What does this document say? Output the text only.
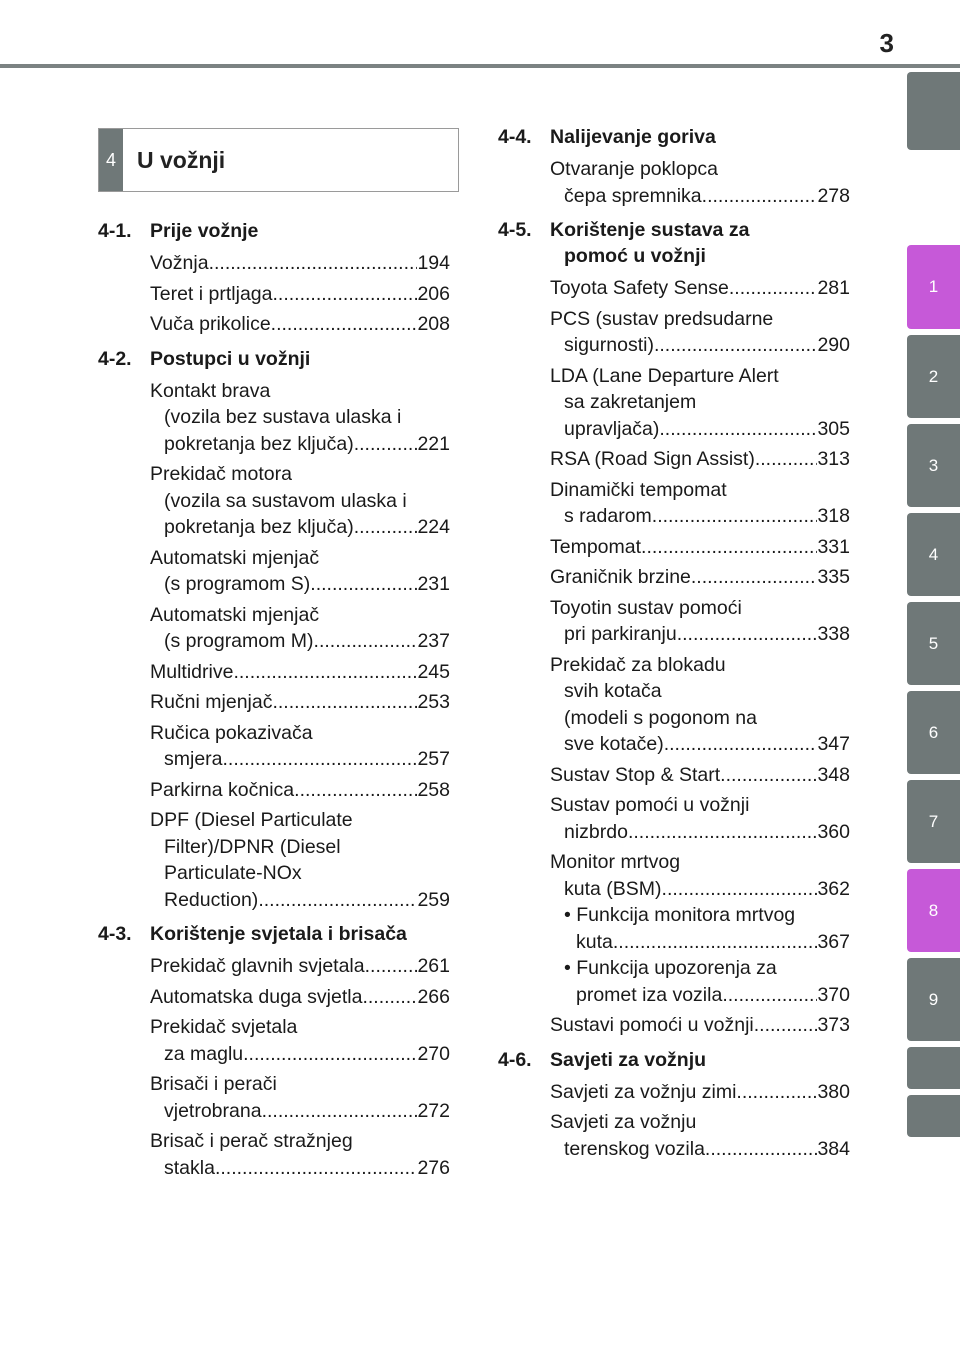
3
1
2
3
4
5
6
7
8
9
4 U vožnji
4-1. Prije vožnje
Vožnja .....	194
Teret i prtljaga .....	206
Vuča prikolice .....	208
4-2. Postupci u vožnji
Kontakt brava
(vozila bez sustava ulaska i
pokretanja bez ključa) .....	221
Prekidač motora
(vozila sa sustavom ulaska i
pokretanja bez ključa) .....	224
Automatski mjenjač
(s programom S) .....	231
Automatski mjenjač
(s programom M) .....	237
Multidrive .....	245
Ručni mjenjač .....	253
Ručica pokazivača
smjera .....	257
Parkirna kočnica .....	258
DPF (Diesel Particulate
Filter)/DPNR (Diesel
Particulate-NOx
Reduction) .....	259
4-3. Korištenje svjetala i brisača
Prekidač glavnih svjetala .....	261
Automatska duga svjetla .....	266
Prekidač svjetala
za maglu .....	270
Brisači i perači
vjetrobrana .....	272
Brisač i perač stražnjeg
stakla .....	276
4-4. Nalijevanje goriva
Otvaranje poklopca
čepa spremnika .....	278
4-5. Korištenje sustava za
pomoć u vožnji
Toyota Safety Sense .....	281
PCS (sustav predsudarne
sigurnosti) .....	290
LDA (Lane Departure Alert
sa zakretanjem
upravljača) .....	305
RSA (Road Sign Assist) .....	313
Dinamički tempomat
s radarom .....	318
Tempomat .....	331
Graničnik brzine .....	335
Toyotin sustav pomoći
pri parkiranju .....	338
Prekidač za blokadu
svih kotača
(modeli s pogonom na
sve kotače) .....	347
Sustav Stop & Start .....	348
Sustav pomoći u vožnji
nizbrdo .....	360
Monitor mrtvog
kuta (BSM) .....	362
• Funkcija monitora mrtvog
kuta .....	367
• Funkcija upozorenja za
promet iza vozila .....	370
Sustavi pomoći u vožnji .....	373
4-6. Savjeti za vožnju
Savjeti za vožnju zimi .....	380
Savjeti za vožnju
terenskog vozila .....	384
